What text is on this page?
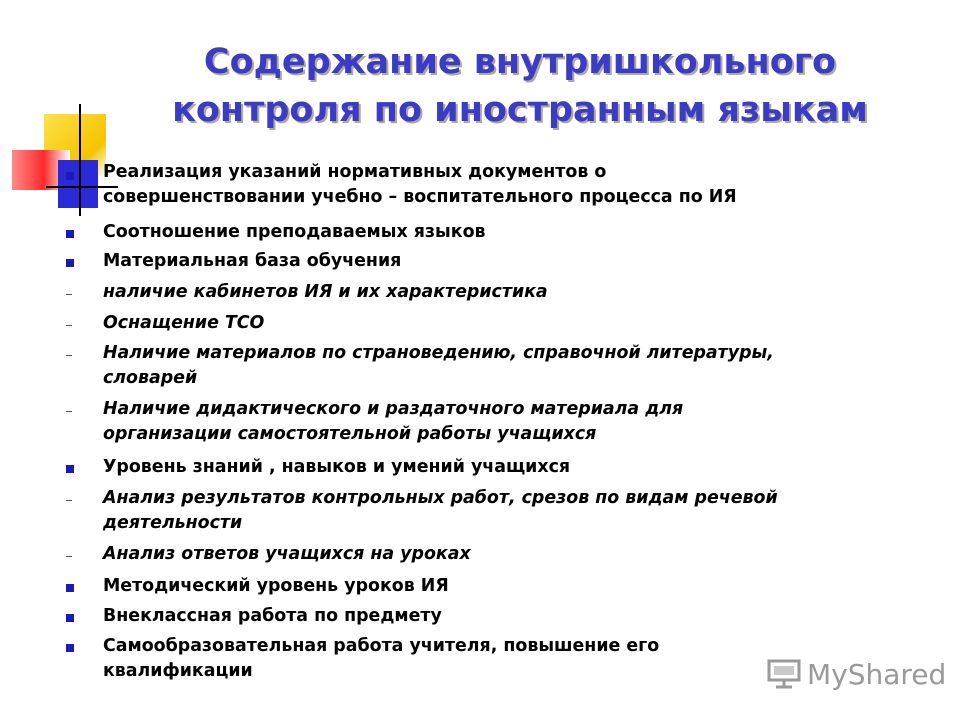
Содержание внутришкольного
контроля по иностранным языкам
Реализация указаний нормативных документов о
совершенствовании учебно – воспитательного процесса по ИЯ
Соотношение преподаваемых языков
Материальная база обучения
наличие кабинетов ИЯ и их характеристика
Оснащение ТСО
Наличие материалов по страноведению, справочной литературы,
словарей
Наличие дидактического и раздаточного материала для
организации самостоятельной работы учащихся
Уровень знаний , навыков и умений учащихся
Анализ результатов контрольных работ, срезов по видам речевой
деятельности
Анализ ответов учащихся на уроках
Методический уровень уроков ИЯ
Внеклассная работа по предмету
Самообразовательная работа учителя, повышение его
квалификации	MyShared
